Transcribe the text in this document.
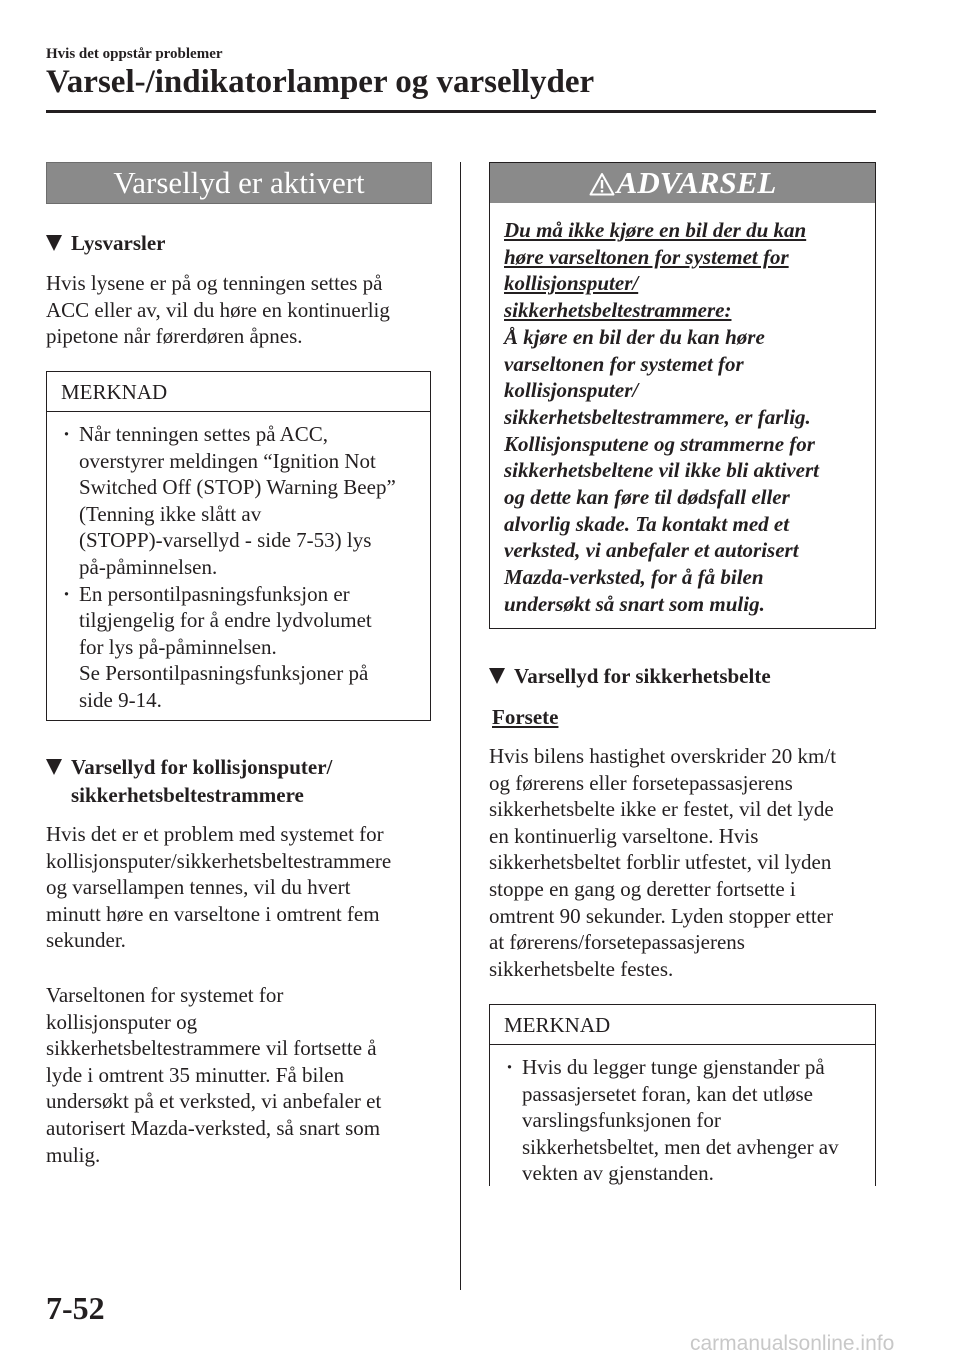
Hvis det oppstår problemer
Varsel-/indikatorlamper og varsellyder
Varsellyd er aktivert
Lysvarsler
Hvis lysene er på og tenningen settes på
ACC eller av, vil du høre en kontinuerlig
pipetone når førerdøren åpnes.
MERKNAD
· Når tenningen settes på ACC,
overstyrer meldingen “Ignition Not
Switched Off (STOP) Warning Beep”
(Tenning ikke slått av
(STOPP)-varsellyd - side 7-53) lys
på-påminnelsen.
· En persontilpasningsfunksjon er
tilgjengelig for å endre lydvolumet
for lys på-påminnelsen.
Se Persontilpasningsfunksjoner på
side 9-14.
Varsellyd for kollisjonsputer/
sikkerhetsbeltestrammere
Hvis det er et problem med systemet for
kollisjonsputer/sikkerhetsbeltestrammere
og varsellampen tennes, vil du hvert
minutt høre en varseltone i omtrent fem
sekunder.
Varseltonen for systemet for
kollisjonsputer og
sikkerhetsbeltestrammere vil fortsette å
lyde i omtrent 35 minutter. Få bilen
undersøkt på et verksted, vi anbefaler et
autorisert Mazda-verksted, så snart som
mulig.
ADVARSEL
Du må ikke kjøre en bil der du kan
høre varseltonen for systemet for
kollisjonsputer/
sikkerhetsbeltestrammere:
Å kjøre en bil der du kan høre
varseltonen for systemet for
kollisjonsputer/
sikkerhetsbeltestrammere, er farlig.
Kollisjonsputene og strammerne for
sikkerhetsbeltene vil ikke bli aktivert
og dette kan føre til dødsfall eller
alvorlig skade. Ta kontakt med et
verksted, vi anbefaler et autorisert
Mazda-verksted, for å få bilen
undersøkt så snart som mulig.
Varsellyd for sikkerhetsbelte
Forsete
Hvis bilens hastighet overskrider 20 km/t
og førerens eller forsetepassasjerens
sikkerhetsbelte ikke er festet, vil det lyde
en kontinuerlig varseltone. Hvis
sikkerhetsbeltet forblir utfestet, vil lyden
stoppe en gang og deretter fortsette i
omtrent 90 sekunder. Lyden stopper etter
at førerens/forsetepassasjerens
sikkerhetsbelte festes.
MERKNAD
· Hvis du legger tunge gjenstander på
passasjersetet foran, kan det utløse
varslingsfunksjonen for
sikkerhetsbeltet, men det avhenger av
vekten av gjenstanden.
7-52
carmanualsonline.info
